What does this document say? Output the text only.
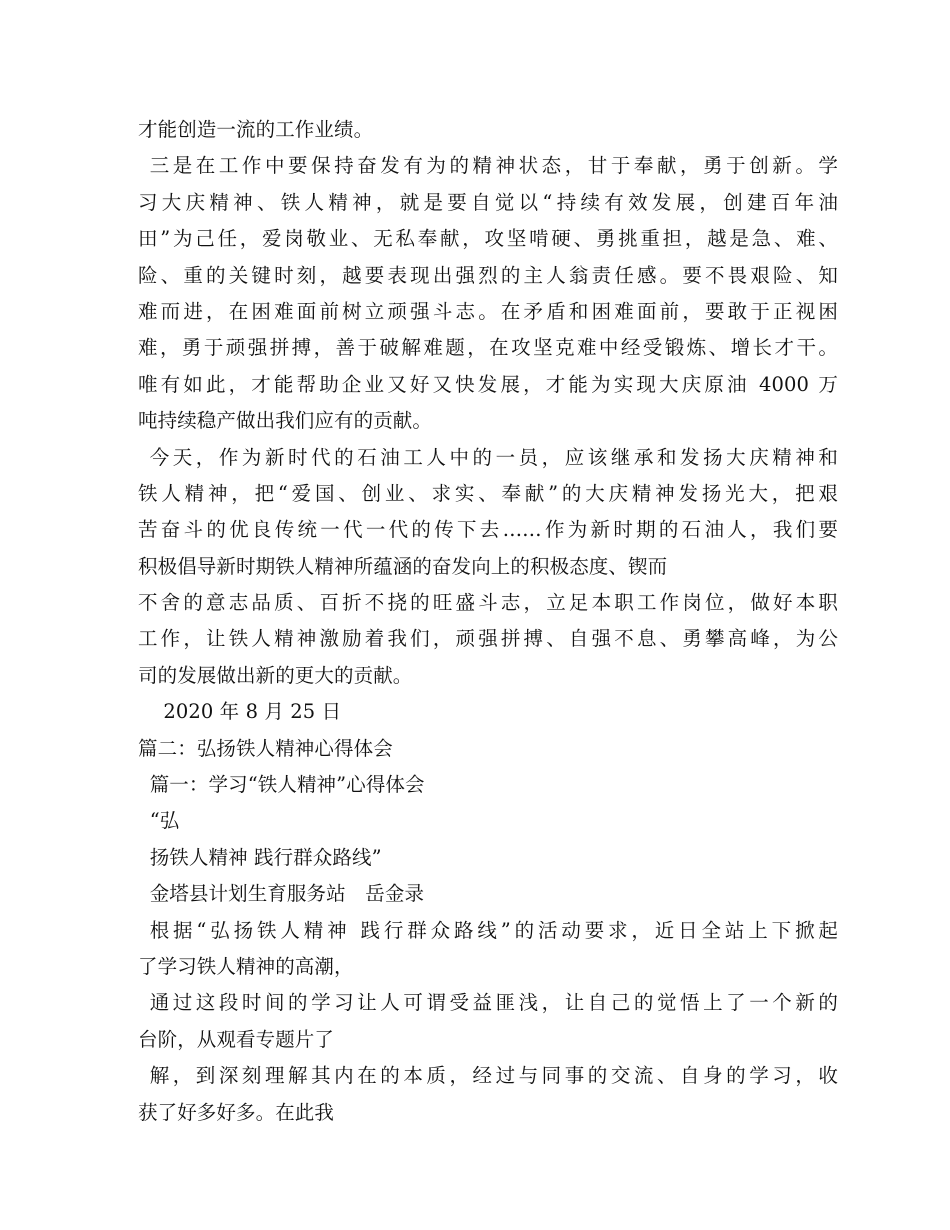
才能创造一流的工作业绩。
三是在工作中要保持奋发有为的精神状态，甘于奉献，勇于创新。学
习大庆精神、铁人精神，就是要自觉以“持续有效发展，创建百年油
田”为己任，爱岗敬业、无私奉献，攻坚啃硬、勇挑重担，越是急、难、
险、重的关键时刻，越要表现出强烈的主人翁责任感。要不畏艰险、知
难而进，在困难面前树立顽强斗志。在矛盾和困难面前，要敢于正视困
难，勇于顽强拼搏，善于破解难题，在攻坚克难中经受锻炼、增长才干。
唯有如此，才能帮助企业又好又快发展，才能为实现大庆原油 4000 万
吨持续稳产做出我们应有的贡献。
今天，作为新时代的石油工人中的一员，应该继承和发扬大庆精神和
铁人精神，把“爱国、创业、求实、奉献”的大庆精神发扬光大，把艰
苦奋斗的优良传统一代一代的传下去……作为新时期的石油人，我们要
积极倡导新时期铁人精神所蕴涵的奋发向上的积极态度、锲而
不舍的意志品质、百折不挠的旺盛斗志，立足本职工作岗位，做好本职
工作，让铁人精神激励着我们，顽强拼搏、自强不息、勇攀高峰，为公
司的发展做出新的更大的贡献。
2020 年 8 月 25 日
篇二：弘扬铁人精神心得体会
篇一：学习“铁人精神”心得体会
“弘
扬铁人精神 践行群众路线”
金塔县计划生育服务站　岳金录
根据“弘扬铁人精神 践行群众路线”的活动要求，近日全站上下掀起
了学习铁人精神的高潮，
通过这段时间的学习让人可谓受益匪浅，让自己的觉悟上了一个新的
台阶，从观看专题片了
解，到深刻理解其内在的本质，经过与同事的交流、自身的学习，收
获了好多好多。在此我
